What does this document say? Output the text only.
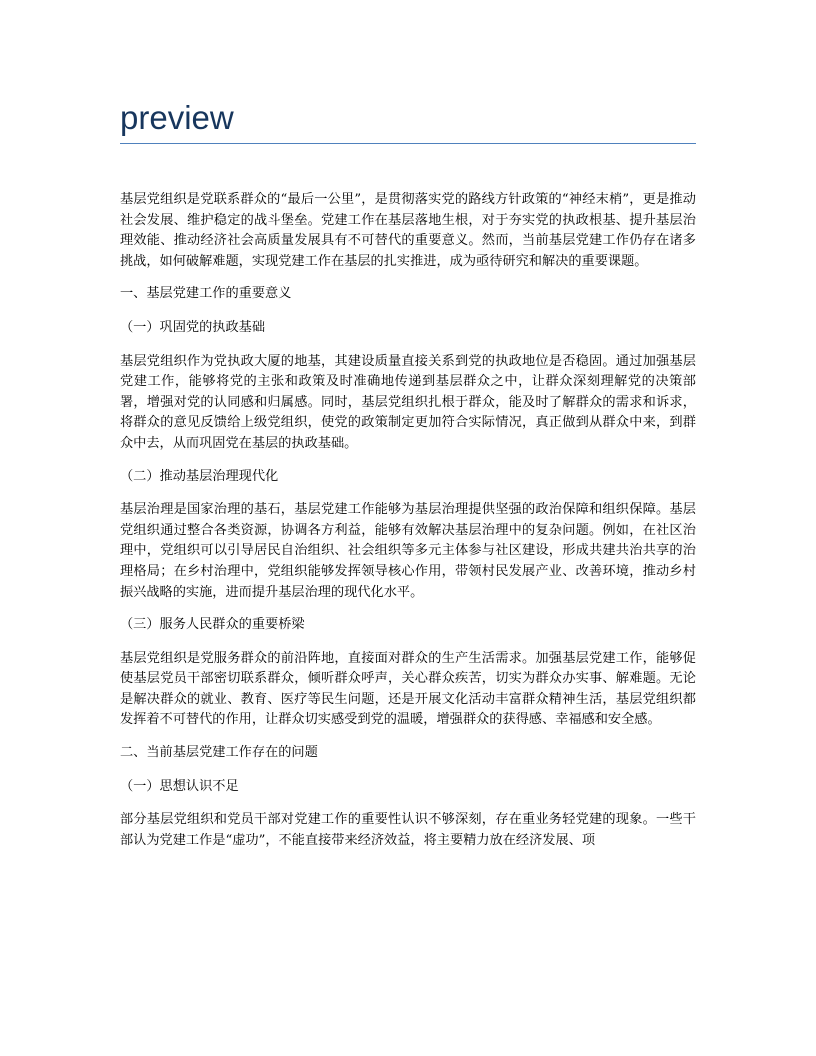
preview

基层党组织是党联系群众的“最后一公里”，是贯彻落实党的路线方针政策的“神经末梢”，更是推动社会发展、维护稳定的战斗堡垒。党建工作在基层落地生根，对于夯实党的执政根基、提升基层治理效能、推动经济社会高质量发展具有不可替代的重要意义。然而，当前基层党建工作仍存在诸多挑战，如何破解难题，实现党建工作在基层的扎实推进，成为亟待研究和解决的重要课题。

一、基层党建工作的重要意义

（一）巩固党的执政基础

基层党组织作为党执政大厦的地基，其建设质量直接关系到党的执政地位是否稳固。通过加强基层党建工作，能够将党的主张和政策及时准确地传递到基层群众之中，让群众深刻理解党的决策部署，增强对党的认同感和归属感。同时，基层党组织扎根于群众，能及时了解群众的需求和诉求，将群众的意见反馈给上级党组织，使党的政策制定更加符合实际情况，真正做到从群众中来，到群众中去，从而巩固党在基层的执政基础。

（二）推动基层治理现代化

基层治理是国家治理的基石，基层党建工作能够为基层治理提供坚强的政治保障和组织保障。基层党组织通过整合各类资源，协调各方利益，能够有效解决基层治理中的复杂问题。例如，在社区治理中，党组织可以引导居民自治组织、社会组织等多元主体参与社区建设，形成共建共治共享的治理格局；在乡村治理中，党组织能够发挥领导核心作用，带领村民发展产业、改善环境，推动乡村振兴战略的实施，进而提升基层治理的现代化水平。

（三）服务人民群众的重要桥梁

基层党组织是党服务群众的前沿阵地，直接面对群众的生产生活需求。加强基层党建工作，能够促使基层党员干部密切联系群众，倾听群众呼声，关心群众疾苦，切实为群众办实事、解难题。无论是解决群众的就业、教育、医疗等民生问题，还是开展文化活动丰富群众精神生活，基层党组织都发挥着不可替代的作用，让群众切实感受到党的温暖，增强群众的获得感、幸福感和安全感。

二、当前基层党建工作存在的问题

（一）思想认识不足

部分基层党组织和党员干部对党建工作的重要性认识不够深刻，存在重业务轻党建的现象。一些干部认为党建工作是“虚功”，不能直接带来经济效益，将主要精力放在经济发展、项
